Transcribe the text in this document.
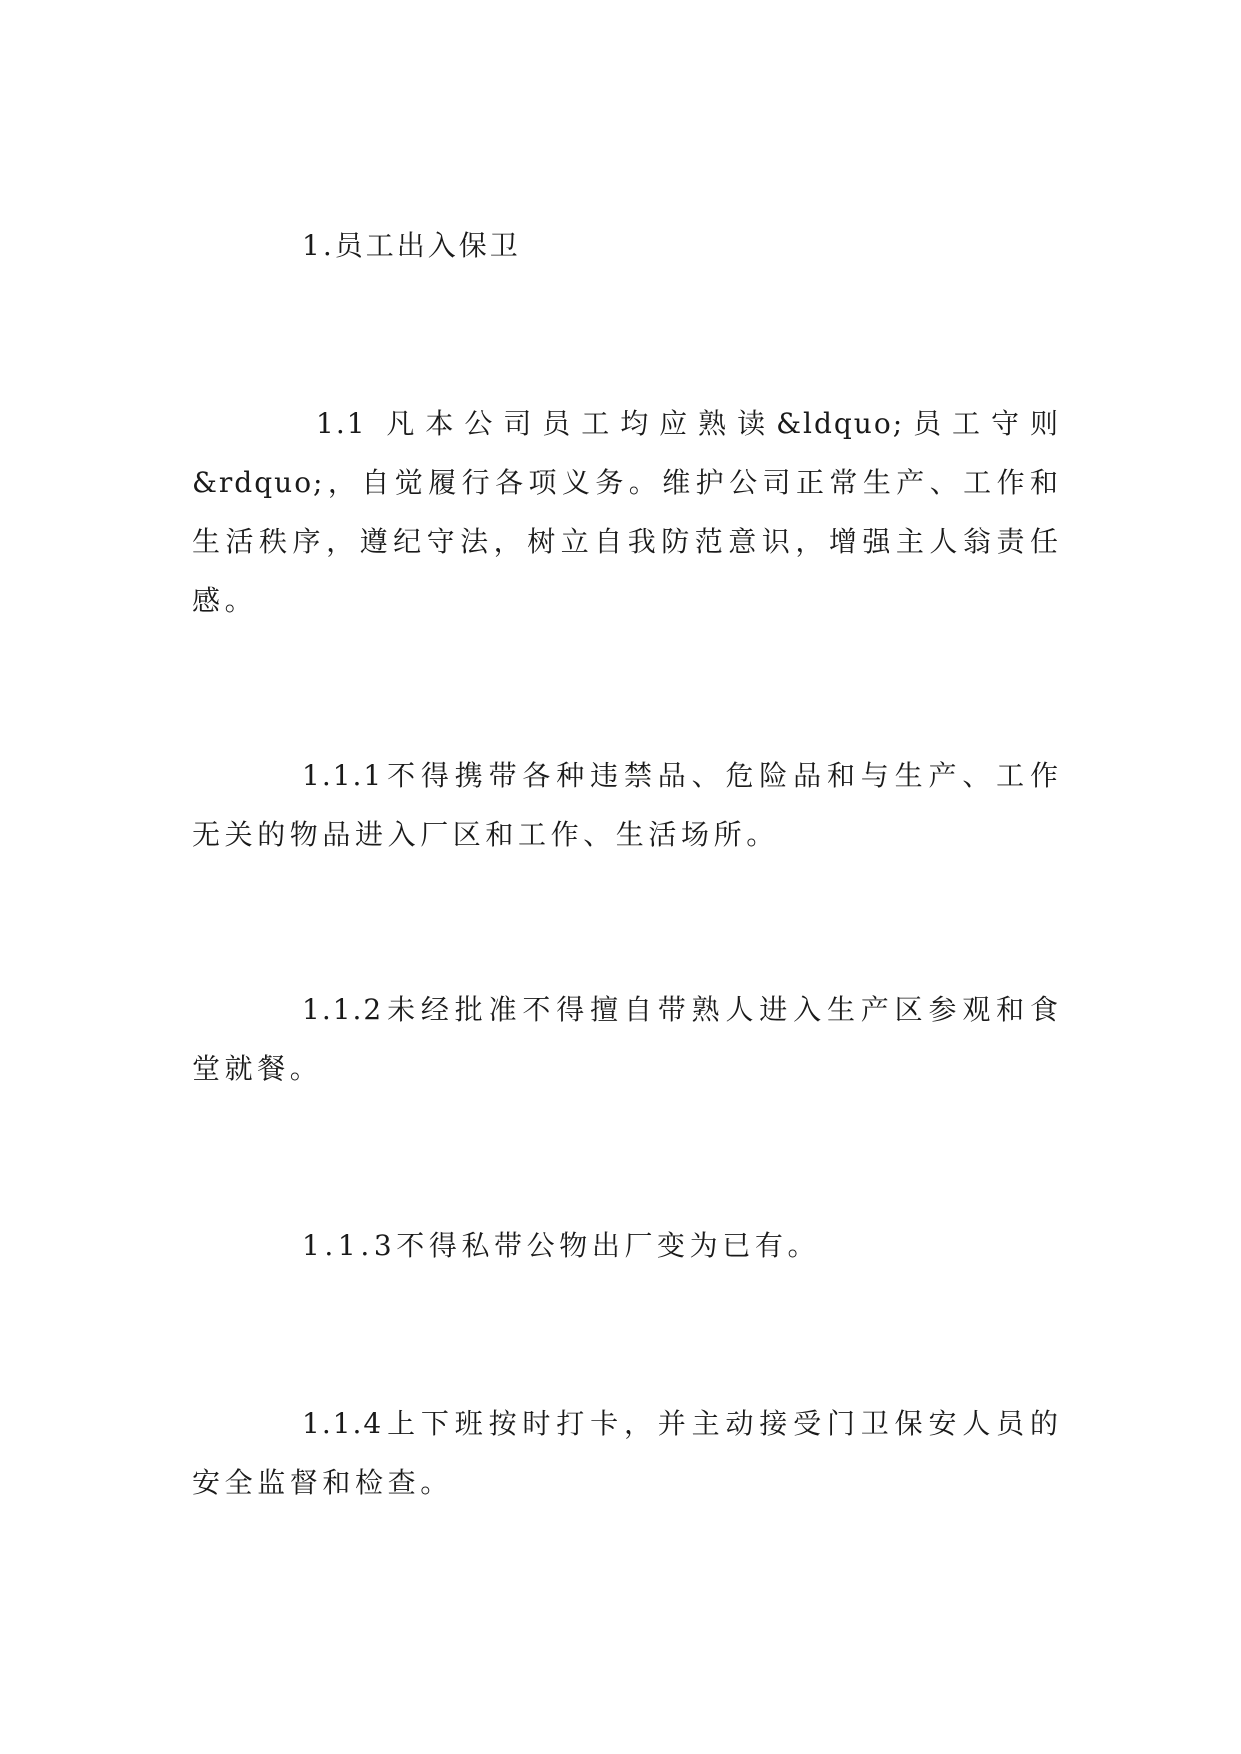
1.员工出入保卫
1.1 凡本公司员工均应熟读&ldquo;员工守则
&rdquo;，自觉履行各项义务。维护公司正常生产、工作和
生活秩序，遵纪守法，树立自我防范意识，增强主人翁责任
感。
1.1.1不得携带各种违禁品、危险品和与生产、工作
无关的物品进入厂区和工作、生活场所。
1.1.2未经批准不得擅自带熟人进入生产区参观和食
堂就餐。
1.1.3不得私带公物出厂变为已有。
1.1.4上下班按时打卡，并主动接受门卫保安人员的
安全监督和检查。
